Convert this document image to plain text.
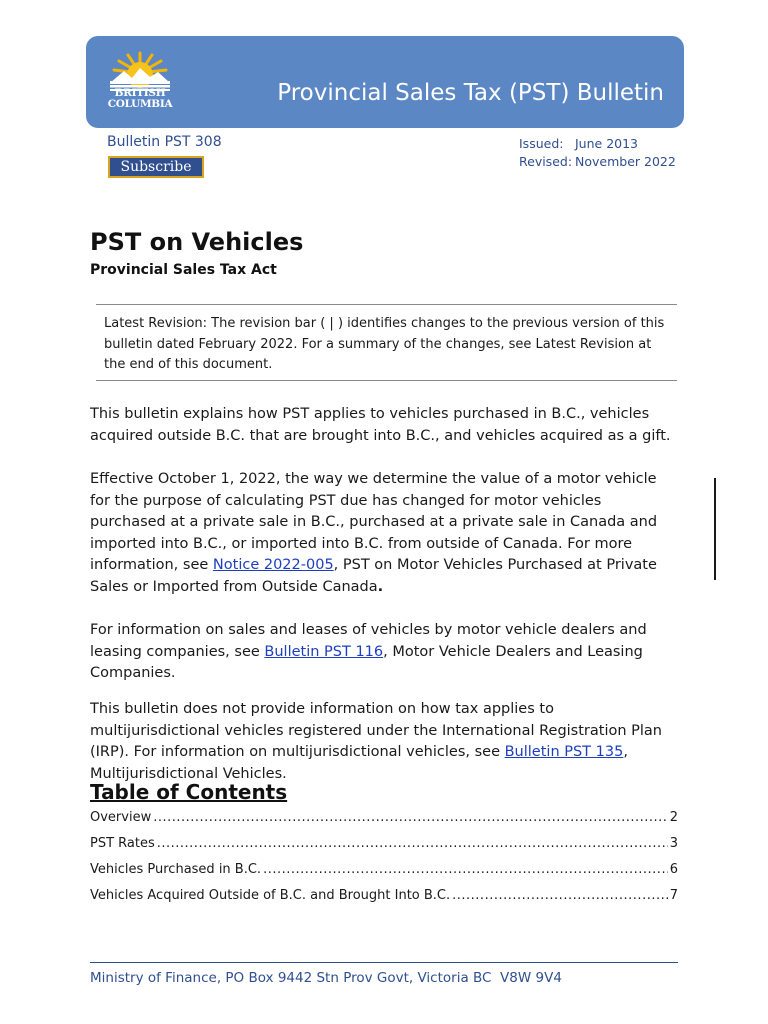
BRITISH
COLUMBIA	Provincial Sales Tax (PST) Bulletin
Bulletin PST 308
Subscribe
Issued: June 2013
Revised: November 2022
PST on Vehicles
Provincial Sales Tax Act
Latest Revision: The revision bar ( | ) identifies changes to the previous version of this bulletin dated February 2022. For a summary of the changes, see Latest Revision at the end of this document.

This bulletin explains how PST applies to vehicles purchased in B.C., vehicles acquired outside B.C. that are brought into B.C., and vehicles acquired as a gift.

Effective October 1, 2022, the way we determine the value of a motor vehicle for the purpose of calculating PST due has changed for motor vehicles purchased at a private sale in B.C., purchased at a private sale in Canada and imported into B.C., or imported into B.C. from outside of Canada. For more information, see Notice 2022-005, PST on Motor Vehicles Purchased at Private Sales or Imported from Outside Canada.

For information on sales and leases of vehicles by motor vehicle dealers and leasing companies, see Bulletin PST 116, Motor Vehicle Dealers and Leasing Companies.

This bulletin does not provide information on how tax applies to multijurisdictional vehicles registered under the International Registration Plan (IRP). For information on multijurisdictional vehicles, see Bulletin PST 135, Multijurisdictional Vehicles.

Table of Contents
Overview .....	2
PST Rates .....	3
Vehicles Purchased in B.C. .....	6
Vehicles Acquired Outside of B.C. and Brought Into B.C. .....	7
Ministry of Finance, PO Box 9442 Stn Prov Govt, Victoria BC  V8W 9V4
